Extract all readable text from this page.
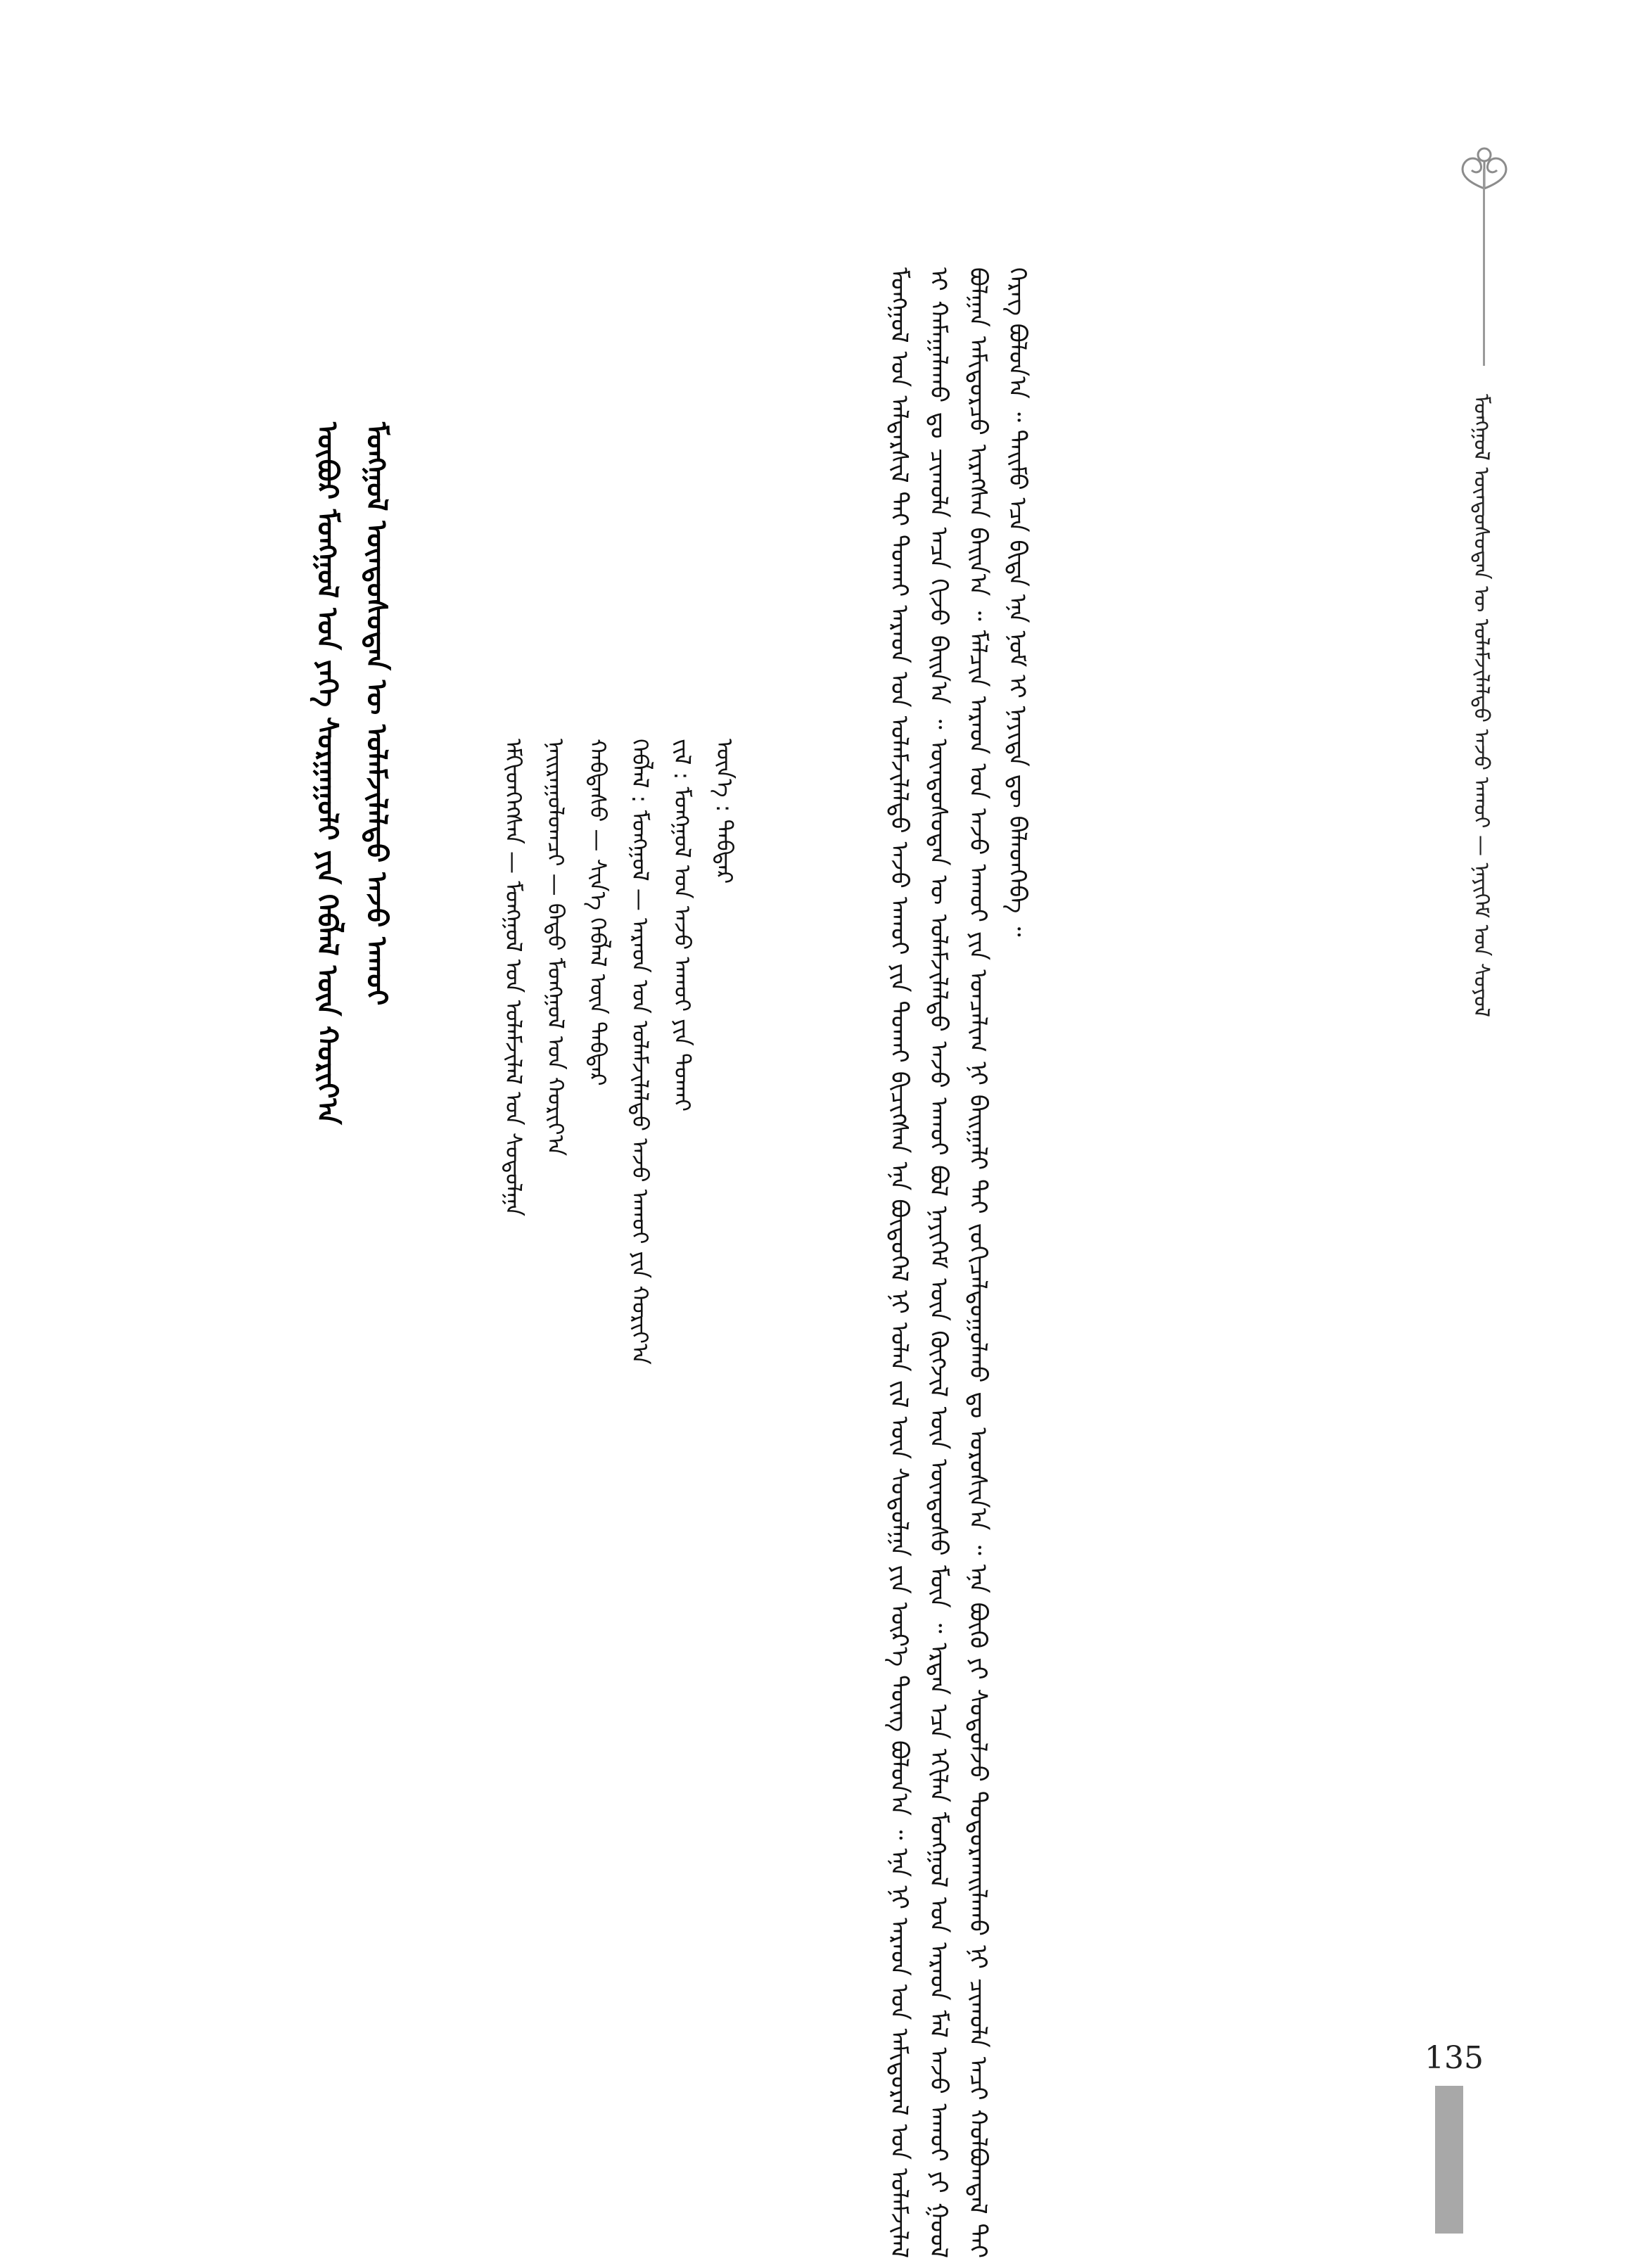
ᠮᠣᠩᠭᠣᠯ ᠦᠨᠳᠦᠰᠦᠲᠡᠨ ᠦ ᠤᠯᠠᠮᠵᠢᠯᠠᠯᠲᠤ ᠠᠵᠤ ᠠᠬᠤᠢ — ᠨᠡᠶᠢᠭᠡᠮ ᠤᠨ ᠰᠣᠶᠤᠯ

ᠮᠣᠩᠭᠣᠯ ᠤᠨ ᠠᠯᠳᠠᠷᠰᠢᠯ ᠲᠠᠢ ᠲᠤᠬᠠᠢ ᠠᠷᠠᠳ ᠤᠨ ᠤᠯᠠᠮᠵᠢᠯᠠᠯᠲᠤ ᠠᠵᠤ ᠠᠬᠤᠢ ᠶᠢᠨ ᠲᠤᠬᠠᠢ ᠪᠢᠴᠢᠭᠰᠡᠨ ᠡᠨᠡ ᠪᠦᠲᠦᠭᠡᠯ ᠨᠢ ᠣᠯᠠᠨ ᠵᠢᠯ ᠦᠨ ᠰᠤᠳᠤᠯᠭᠠ ᠶᠢᠨ ᠦᠷ᠎ᠡ ᠳᠦᠩ ᠪᠣᠯᠤᠨ᠎ᠠ ᠃ ᠡᠨᠡ ᠨᠢ ᠠᠷᠠᠳ ᠤᠨ ᠠᠮᠢᠳᠤᠷᠠᠯ ᠤᠨ ᠤᠯᠠᠮᠵᠢᠯᠠᠯ ᠢ ᠬᠠᠮᠠᠭᠠᠯᠠᠬᠤ ᠳᠤ ᠴᠢᠬᠤᠯᠠ ᠠᠴᠠ ᠬᠢᠵᠦ ᠪᠠᠢᠨ᠎ᠠ ᠃ ᠦᠨᠳᠦᠰᠦᠲᠡᠨ ᠦ ᠤᠯᠠᠮᠵᠢᠯᠠᠯᠲᠤ ᠠᠵᠤ ᠠᠬᠤᠢ ᠪᠣᠯ ᠨᠡᠶᠢᠭᠡᠮ ᠦᠨ ᠬᠥᠭᠵᠢᠯ ᠦᠨ ᠦᠨᠳᠦᠰᠦ ᠮᠥᠨ ᠃ ᠡᠷᠲᠡᠨ ᠡᠴᠡ ᠡᠬᠢᠯᠡᠨ ᠮᠣᠩᠭᠣᠯ ᠤᠨ ᠠᠷᠠᠳ ᠮᠠᠯ ᠠᠵᠤ ᠠᠬᠤᠢ ᠶᠢ ᠭᠣᠣᠯ ᠪᠣᠯᠭᠠᠨ ᠠᠮᠢᠳᠤᠷᠴᠤ ᠢᠷᠡᠭᠰᠡᠨ ᠪᠠᠢᠨ᠎ᠠ ᠃ ᠮᠠᠯᠴᠢᠨ ᠠᠷᠠᠳ ᠤᠨ ᠠᠵᠤ ᠠᠬᠤᠢ ᠶᠢᠨ ᠣᠨᠴᠠᠯᠢᠭ ᠨᠢ ᠪᠠᠢᠭᠠᠯᠢ ᠲᠠᠢ ᠵᠣᠬᠢᠴᠠᠯᠳᠤᠭᠤᠯᠬᠤ ᠳᠤ ᠣᠷᠣᠰᠢᠨ᠎ᠠ ᠃ ᠡᠨᠡ ᠪᠦᠬᠦ ᠶᠢ ᠰᠤᠳᠤᠯᠵᠤ ᠲᠣᠳᠣᠷᠬᠠᠢᠯᠠᠬᠤ ᠨᠢ ᠴᠢᠬᠤᠯᠠ ᠠᠴᠢ ᠬᠣᠯᠪᠣᠭᠳᠠᠯ ᠲᠠᠢ ᠬᠡᠷᠡᠭ ᠪᠣᠯᠤᠨ᠎ᠠ ᠃ ᠲᠡᠢᠮᠦ ᠡᠴᠡ ᠪᠢᠳᠡ ᠡᠨᠡ ᠨᠣᠮ ᠢ ᠨᠡᠶᠢᠲᠡ ᠳᠦ ᠪᠡᠯᠡᠳᠬᠡᠪᠡ ᠃

ᠡᠮᠬᠢᠳᠬᠡᠭᠰᠡᠨ — ᠮᠣᠩᠭᠣᠯ ᠤᠨ ᠤᠯᠠᠮᠵᠢᠯᠠᠯ ᠤᠨ ᠰᠤᠳᠤᠯᠭᠠ ᠨᠠᠢᠷᠠᠭᠤᠯᠤᠭᠴᠢ — ᠪᠠᠲᠤ ᠮᠣᠩᠭᠣᠯ ᠤᠨ ᠬᠣᠷᠢᠶ᠎ᠠ ᠬᠠᠪᠲᠠᠰᠤ — ᠰᠢᠨ᠎ᠡ ᠬᠡᠪᠯᠡᠯ ᠦᠨ ᠳᠡᠪᠲᠡᠷ ᠬᠡᠪᠯᠡᠯ : ᠮᠣᠩᠭᠣᠯ — ᠠᠷᠠᠳ ᠤᠨ ᠤᠯᠠᠮᠵᠢᠯᠠᠯᠲᠤ ᠠᠵᠤ ᠠᠬᠤᠢ ᠶᠢᠨ ᠬᠣᠷᠢᠶ᠎ᠠ ᠵᠢᠯ : ᠮᠣᠩᠭᠣᠯ ᠤᠨ ᠠᠵᠤ ᠠᠬᠤᠢ ᠶᠢᠨ ᠲᠤᠬᠠᠢ ᠦᠨ᠎ᠡ : ᠳᠡᠪᠲᠡᠷ
ᠦᠪᠦᠷ ᠮᠣᠩᠭᠣᠯ ᠤᠨ ᠶᠡᠬᠡ ᠰᠤᠷᠭᠠᠭᠤᠯᠢ ᠶᠢᠨ ᠬᠡᠪᠯᠡᠯ ᠦᠨ ᠬᠣᠷᠢᠶ᠎ᠠ ᠮᠣᠩᠭᠣᠯ ᠦᠨᠳᠦᠰᠦᠲᠡᠨ ᠦ ᠤᠯᠠᠮᠵᠢᠯᠠᠯᠲᠤ ᠠᠵᠤ ᠠᠬᠤᠢ
135
